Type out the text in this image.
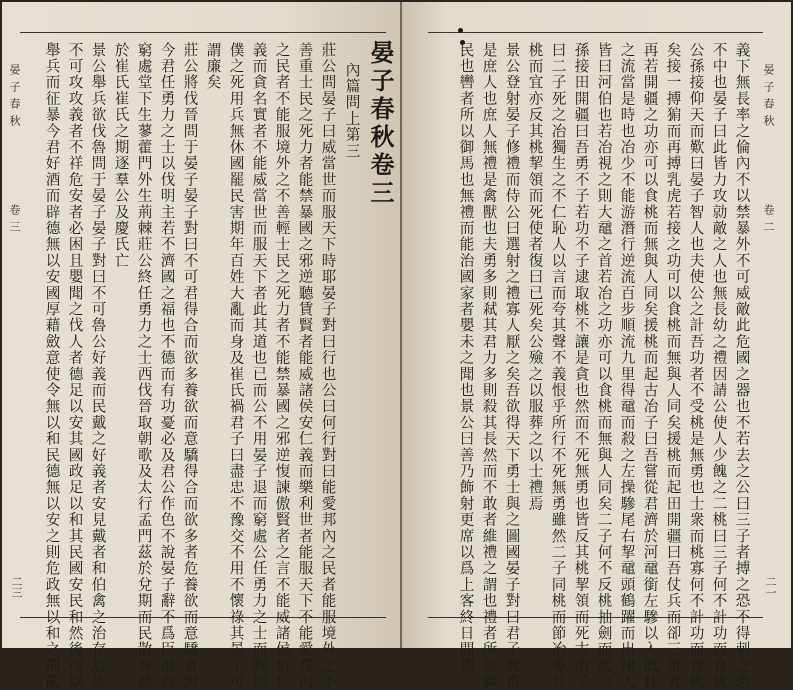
晏子春秋
卷三
二三
晏子春秋卷三
內篇問上第三
莊公問晏子曰威當世而服天下時耶晏子對曰行也公曰何行對曰能愛邦內之民者能服境外之不
善重士民之死力者能禁暴國之邪逆聽賃賢者能威諸侯安仁義而樂利世者能服天下不能愛邦內
之民者不能服境外之不善輕士民之死力者不能禁暴國之邪逆愎諫傲賢者之言不能威諸侯倍仁
義而貪名實者不能威當世而服天下者此其道也已而公不用晏子退而窮處公任勇力之士而輕臣
僕之死用兵無休國罷民害期年百姓大亂而身及崔氏禍君子曰盡忠不豫交不用不懷祿其晏子可
謂廉矣
莊公將伐晉問于晏子晏子對曰不可君得合而欲多養欲而意驕得合而欲多者危養欲而意驕者困
今君任勇力之士以伐明主若不濟國之福也不德而有功憂必及君公作色不說晏子辭不爲臣退而
窮處堂下生蓼藿門外生荊棘莊公終任勇力之士西伐晉取朝歌及太行孟門茲於兌期而民散身滅
於崔氏崔氏之期逐羣公及慶氏亡
景公舉兵欲伐魯問于晏子晏子對曰不可魯公好義而民戴之好義者安見戴者和伯禽之治存焉故
不可攻攻義者不祥危安者必困且嬰聞之伐人者德足以安其國政足以和其民國安民和然後可以
舉兵而征暴今君好酒而辟德無以安國厚藉斂意使令無以和民德無以安之則危政無以和之則亂	晏子春秋
卷二
二一
義下無長率之倫內不以禁暴外不可威敵此危國之器也不若去之公曰三子者搏之恐不得刺之恐
不中也晏子曰此皆力攻勍敵之人也無長幼之禮因請公使人少餽之二桃曰三子何不計功而食桃
公孫接仰天而歎曰晏子智人也夫使公之計吾功者不受桃是無勇也士衆而桃寡何不計功而食桃
矣接一搏猏而再搏乳虎若接之功可以食桃而無與人同矣援桃而起田開疆曰吾仗兵而卻三軍者
再若開疆之功亦可以食桃而無與人同矣援桃而起古冶子曰吾嘗從君濟於河黿銜左驂以入砥柱
之流當是時也冶少不能游潛行逆流百步順流九里得黿而殺之左操驂尾右挈黿頭鶴躍而出津人
皆曰河伯也若冶視之則大黿之首若冶之功亦可以食桃而無與人同矣二子何不反桃抽劍而起公
孫接田開疆曰吾勇不子若功不子逮取桃不讓是貪也然而不死無勇也皆反其桃挈領而死古冶子
曰二子死之冶獨生之不仁恥人以言而夸其聲不義恨乎所行不死無勇雖然二子同桃而節冶專其
桃而宜亦反其桃挈領而死使者復曰已死矣公殮之以服葬之以士禮焉
景公登射晏子修禮而侍公曰選射之禮寡人厭之矣吾欲得天下勇士與之圖國晏子對曰君子無禮
是庶人也庶人無禮是禽獸也夫勇多則弒其君力多則殺其長然而不敢者維禮之謂也禮者所以御
民也轡者所以御馬也無禮而能治國家者嬰未之聞也景公曰善乃飾射更席以爲上客終日問禮
